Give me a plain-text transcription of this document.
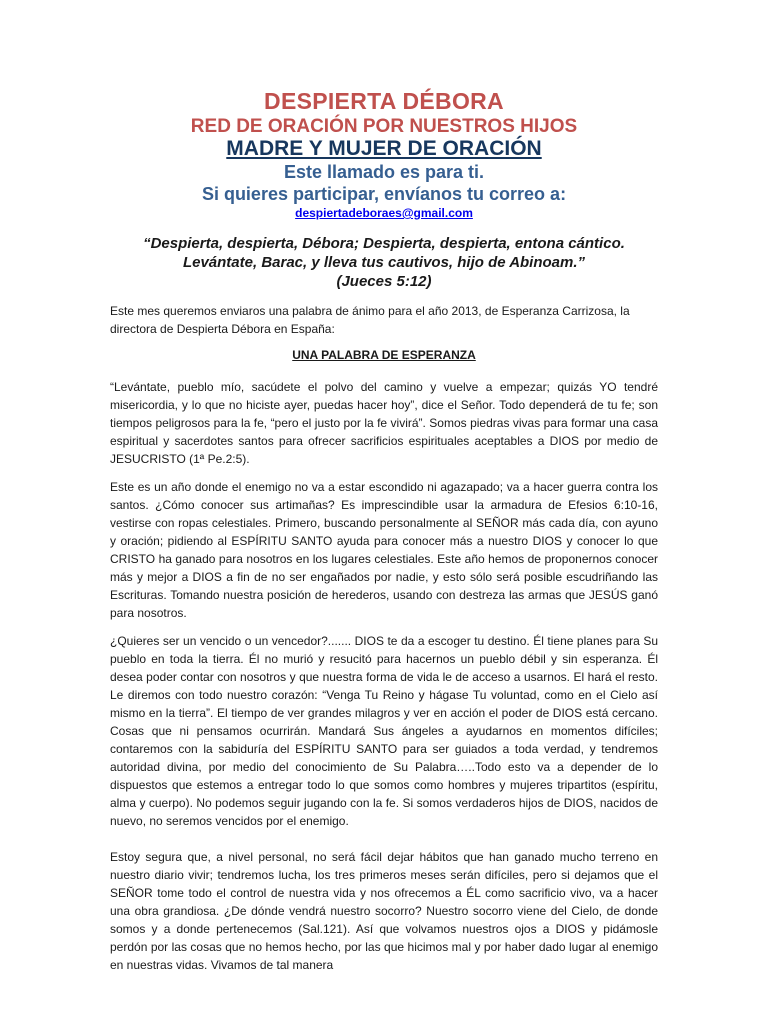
DESPIERTA DÉBORA
RED DE ORACIÓN POR NUESTROS HIJOS
MADRE Y MUJER DE ORACIÓN
Este llamado es para ti.
Si quieres participar, envíanos tu correo a:
despiertadeboraes@gmail.com
“Despierta, despierta, Débora; Despierta, despierta, entona cántico. Levántate, Barac, y lleva tus cautivos, hijo de Abinoam.”
(Jueces 5:12)

Este mes queremos enviaros una palabra de ánimo para el año 2013, de Esperanza Carrizosa, la directora de Despierta Débora en España:

UNA PALABRA DE ESPERANZA

“Levántate, pueblo mío, sacúdete el polvo del camino y vuelve a empezar; quizás YO tendré misericordia, y lo que no hiciste ayer, puedas hacer hoy”, dice el Señor. Todo dependerá de tu fe; son tiempos peligrosos para la fe, “pero el justo por la fe vivirá”. Somos piedras vivas para formar una casa espiritual y sacerdotes santos para ofrecer sacrificios espirituales aceptables a DIOS por medio de JESUCRISTO (1ª Pe.2:5).

Este es un año donde el enemigo no va a estar escondido ni agazapado; va a hacer guerra contra los santos. ¿Cómo conocer sus artimañas? Es imprescindible usar la armadura de Efesios 6:10-16, vestirse con ropas celestiales. Primero, buscando personalmente al SEÑOR más cada día, con ayuno y oración; pidiendo al ESPÍRITU SANTO ayuda para conocer más a nuestro DIOS y conocer lo que CRISTO ha ganado para nosotros en los lugares celestiales. Este año hemos de proponernos conocer más y mejor a DIOS a fin de no ser engañados por nadie, y esto sólo será posible escudriñando las Escrituras. Tomando nuestra posición de herederos, usando con destreza las armas que JESÚS ganó para nosotros.

¿Quieres ser un vencido o un vencedor?....... DIOS te da a escoger tu destino. Él tiene planes para Su pueblo en toda la tierra. Él no murió y resucitó para hacernos un pueblo débil y sin esperanza. Él desea poder contar con nosotros y que nuestra forma de vida le de acceso a usarnos. El hará el resto. Le diremos con todo nuestro corazón: “Venga Tu Reino y hágase Tu voluntad, como en el Cielo así mismo en la tierra”. El tiempo de ver grandes milagros y ver en acción el poder de DIOS está cercano. Cosas que ni pensamos ocurrirán. Mandará Sus ángeles a ayudarnos en momentos difíciles; contaremos con la sabiduría del ESPÍRITU SANTO para ser guiados a toda verdad, y tendremos autoridad divina, por medio del conocimiento de Su Palabra…..Todo esto va a depender de lo dispuestos que estemos a entregar todo lo que somos como hombres y mujeres tripartitos (espíritu, alma y cuerpo). No podemos seguir jugando con la fe. Si somos verdaderos hijos de DIOS, nacidos de nuevo, no seremos vencidos por el enemigo.

Estoy segura que, a nivel personal, no será fácil dejar hábitos que han ganado mucho terreno en nuestro diario vivir; tendremos lucha, los tres primeros meses serán difíciles, pero si dejamos que el SEÑOR tome todo el control de nuestra vida y nos ofrecemos a ÉL como sacrificio vivo, va a hacer una obra grandiosa. ¿De dónde vendrá nuestro socorro? Nuestro socorro viene del Cielo, de donde somos y a donde pertenecemos (Sal.121). Así que volvamos nuestros ojos a DIOS y pidámosle perdón por las cosas que no hemos hecho, por las que hicimos mal y por haber dado lugar al enemigo en nuestras vidas. Vivamos de tal manera
